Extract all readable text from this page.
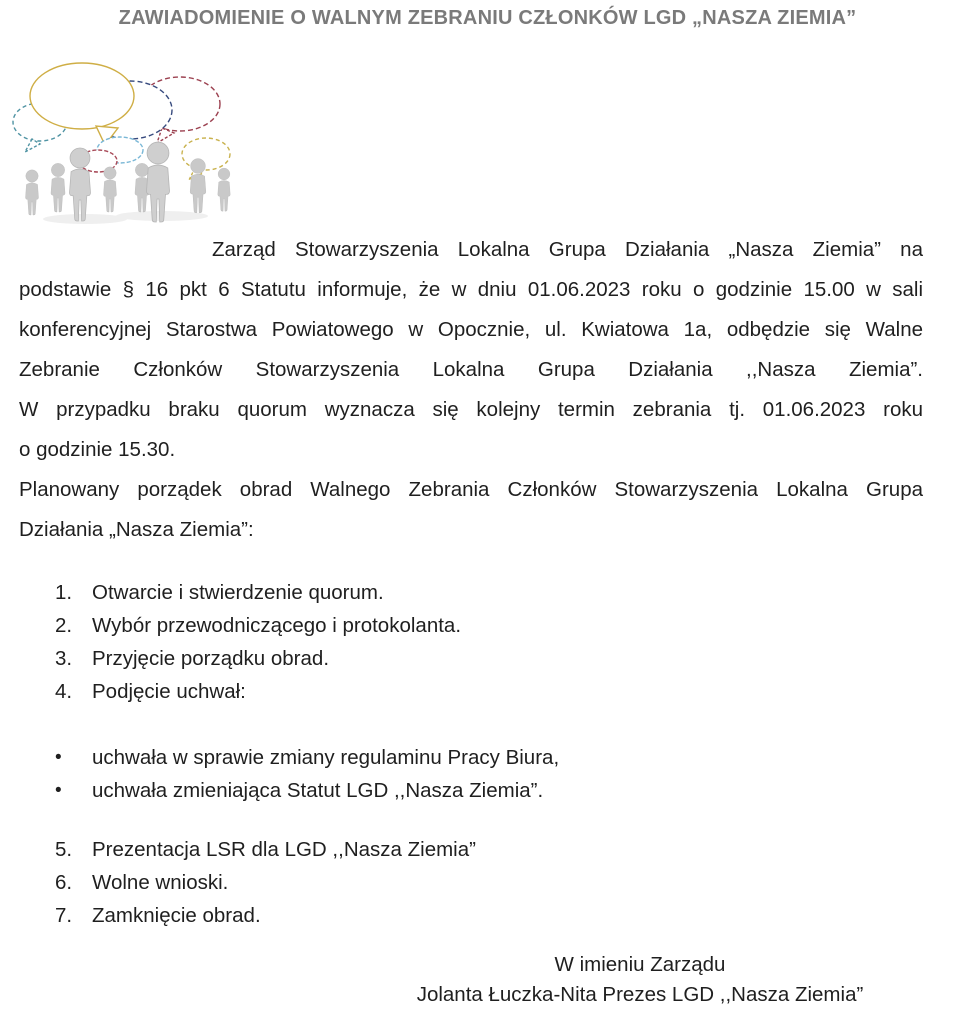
ZAWIADOMIENIE O WALNYM ZEBRANIU CZŁONKÓW LGD „NASZA ZIEMIA”
Zarząd Stowarzyszenia Lokalna Grupa Działania „Nasza Ziemia” na
podstawie § 16 pkt 6 Statutu informuje, że w dniu 01.06.2023 roku o godzinie 15.00 w sali
konferencyjnej Starostwa Powiatowego w Opocznie, ul. Kwiatowa 1a, odbędzie się Walne
Zebranie Członków Stowarzyszenia Lokalna Grupa Działania ,,Nasza Ziemia”.
W przypadku braku quorum wyznacza się kolejny termin zebrania tj. 01.06.2023 roku
o godzinie 15.30.
Planowany porządek obrad Walnego Zebrania Członków Stowarzyszenia Lokalna Grupa
Działania „Nasza Ziemia”:
1. Otwarcie i stwierdzenie quorum.
2. Wybór przewodniczącego i protokolanta.
3. Przyjęcie porządku obrad.
4. Podjęcie uchwał:
•	uchwała w sprawie zmiany regulaminu Pracy Biura,
•	uchwała zmieniająca Statut LGD ,,Nasza Ziemia”.
5. Prezentacja LSR dla LGD ,,Nasza Ziemia”
6. Wolne wnioski.
7. Zamknięcie obrad.
W imieniu Zarządu
Jolanta Łuczka-Nita Prezes LGD ,,Nasza Ziemia”
